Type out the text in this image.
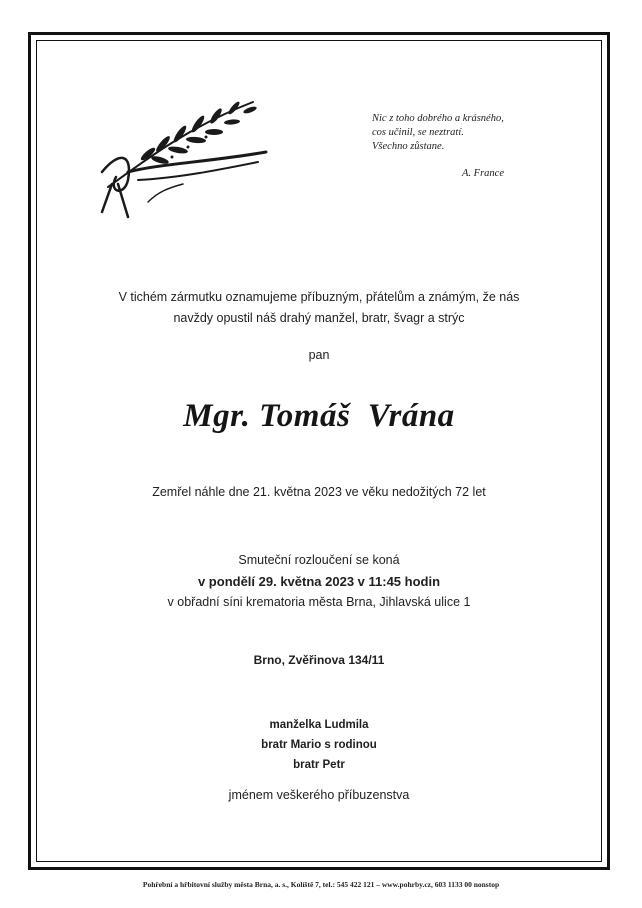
Nic z toho dobrého a krásného,
cos učinil, se neztratí.
Všechno zůstane.
A. France
V tichém zármutku oznamujeme příbuzným, přátelům a známým, že nás
navždy opustil náš drahý manžel, bratr, švagr a strýc
pan
Mgr. Tomáš  Vrána
Zemřel náhle dne 21. května 2023 ve věku nedožitých 72 let
Smuteční rozloučení se koná
v pondělí 29. května 2023 v 11:45 hodin
v obřadní síni krematoria města Brna, Jihlavská ulice 1
Brno, Zvěřinova 134/11
manželka Ludmila
bratr Mario s rodinou
bratr Petr
jménem veškerého příbuzenstva
Pohřební a hřbitovní služby města Brna, a. s., Kolíště 7, tel.: 545 422 121 – www.pohrby.cz, 603 1133 00 nonstop
